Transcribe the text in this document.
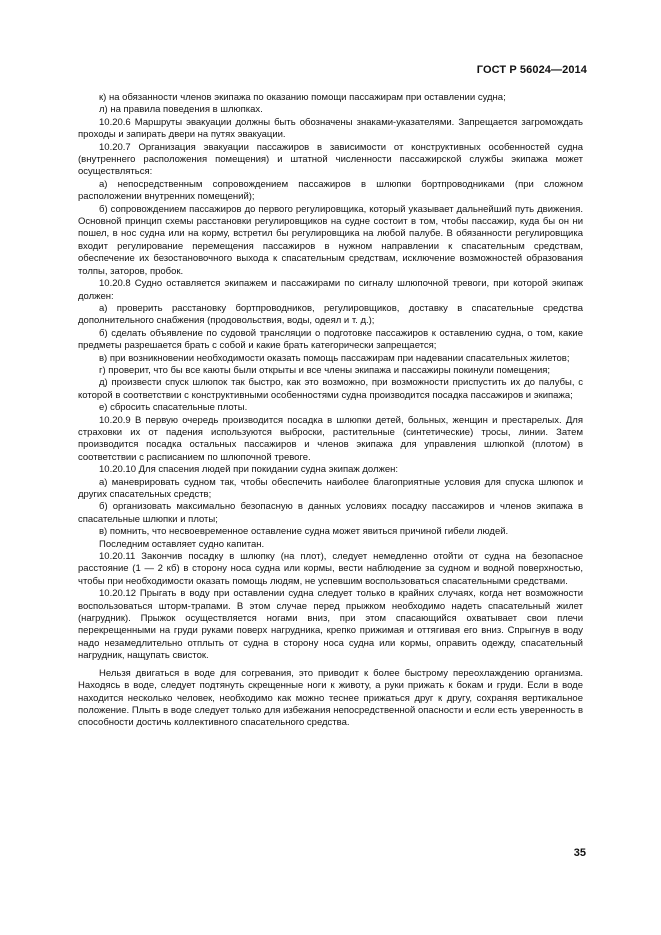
ГОСТ Р 56024—2014

к) на обязанности членов экипажа по оказанию помощи пассажирам при оставлении судна;

л) на правила поведения в шлюпках.

10.20.6 Маршруты эвакуации должны быть обозначены знаками-указателями. Запрещается загромождать проходы и запирать двери на путях эвакуации.

10.20.7 Организация эвакуации пассажиров в зависимости от конструктивных особенностей судна (внутреннего расположения помещения) и штатной численности пассажирской службы экипажа может осуществляться:

а) непосредственным сопровождением пассажиров в шлюпки бортпроводниками (при сложном расположении внутренних помещений);

б) сопровождением пассажиров до первого регулировщика, который указывает дальнейший путь движения. Основной принцип схемы расстановки регулировщиков на судне состоит в том, чтобы пассажир, куда бы он ни пошел, в нос судна или на корму, встретил бы регулировщика на любой палубе. В обязанности регулировщика входит регулирование перемещения пассажиров в нужном направлении к спасательным средствам, обеспечение их безостановочного выхода к спасательным средствам, исключение возможностей образования толпы, заторов, пробок.

10.20.8 Судно оставляется экипажем и пассажирами по сигналу шлюпочной тревоги, при которой экипаж должен:

а) проверить расстановку бортпроводников, регулировщиков, доставку в спасательные средства дополнительного снабжения (продовольствия, воды, одеял и т. д.);

б) сделать объявление по судовой трансляции о подготовке пассажиров к оставлению судна, о том, какие предметы разрешается брать с собой и какие брать категорически запрещается;

в) при возникновении необходимости оказать помощь пассажирам при надевании спасательных жилетов;

г) проверит, что бы все каюты были открыты и все члены экипажа и пассажиры покинули помещения;

д) произвести спуск шлюпок так быстро, как это возможно, при возможности приспустить их до палубы, с которой в соответствии с конструктивными особенностями судна производится посадка пассажиров и экипажа;

е) сбросить спасательные плоты.

10.20.9 В первую очередь производится посадка в шлюпки детей, больных, женщин и престарелых. Для страховки их от падения используются выброски, растительные (синтетические) тросы, линии. Затем производится посадка остальных пассажиров и членов экипажа для управления шлюпкой (плотом) в соответствии с расписанием по шлюпочной тревоге.

10.20.10 Для спасения людей при покидании судна экипаж должен:

а) маневрировать судном так, чтобы обеспечить наиболее благоприятные условия для спуска шлюпок и других спасательных средств;

б) организовать максимально безопасную в данных условиях посадку пассажиров и членов экипажа в спасательные шлюпки и плоты;

в) помнить, что несвоевременное оставление судна может явиться причиной гибели людей.

Последним оставляет судно капитан.

10.20.11 Закончив посадку в шлюпку (на плот), следует немедленно отойти от судна на безопасное расстояние (1 — 2 кб) в сторону носа судна или кормы, вести наблюдение за судном и водной поверхностью, чтобы при необходимости оказать помощь людям, не успевшим воспользоваться спасательными средствами.

10.20.12 Прыгать в воду при оставлении судна следует только в крайних случаях, когда нет возможности воспользоваться шторм-трапами. В этом случае перед прыжком необходимо надеть спасательный жилет (нагрудник). Прыжок осуществляется ногами вниз, при этом спасающийся охватывает свои плечи перекрещенными на груди руками поверх нагрудника, крепко прижимая и оттягивая его вниз. Спрыгнув в воду надо незамедлительно отплыть от судна в сторону носа судна или кормы, оправить одежду, спасательный нагрудник, нащупать свисток.

Нельзя двигаться в воде для согревания, это приводит к более быстрому переохлаждению организма. Находясь в воде, следует подтянуть скрещенные ноги к животу, а руки прижать к бокам и груди. Если в воде находится несколько человек, необходимо как можно теснее прижаться друг к другу, сохраняя вертикальное положение. Плыть в воде следует только для избежания непосредственной опасности и если есть уверенность в способности достичь коллективного спасательного средства.

35
